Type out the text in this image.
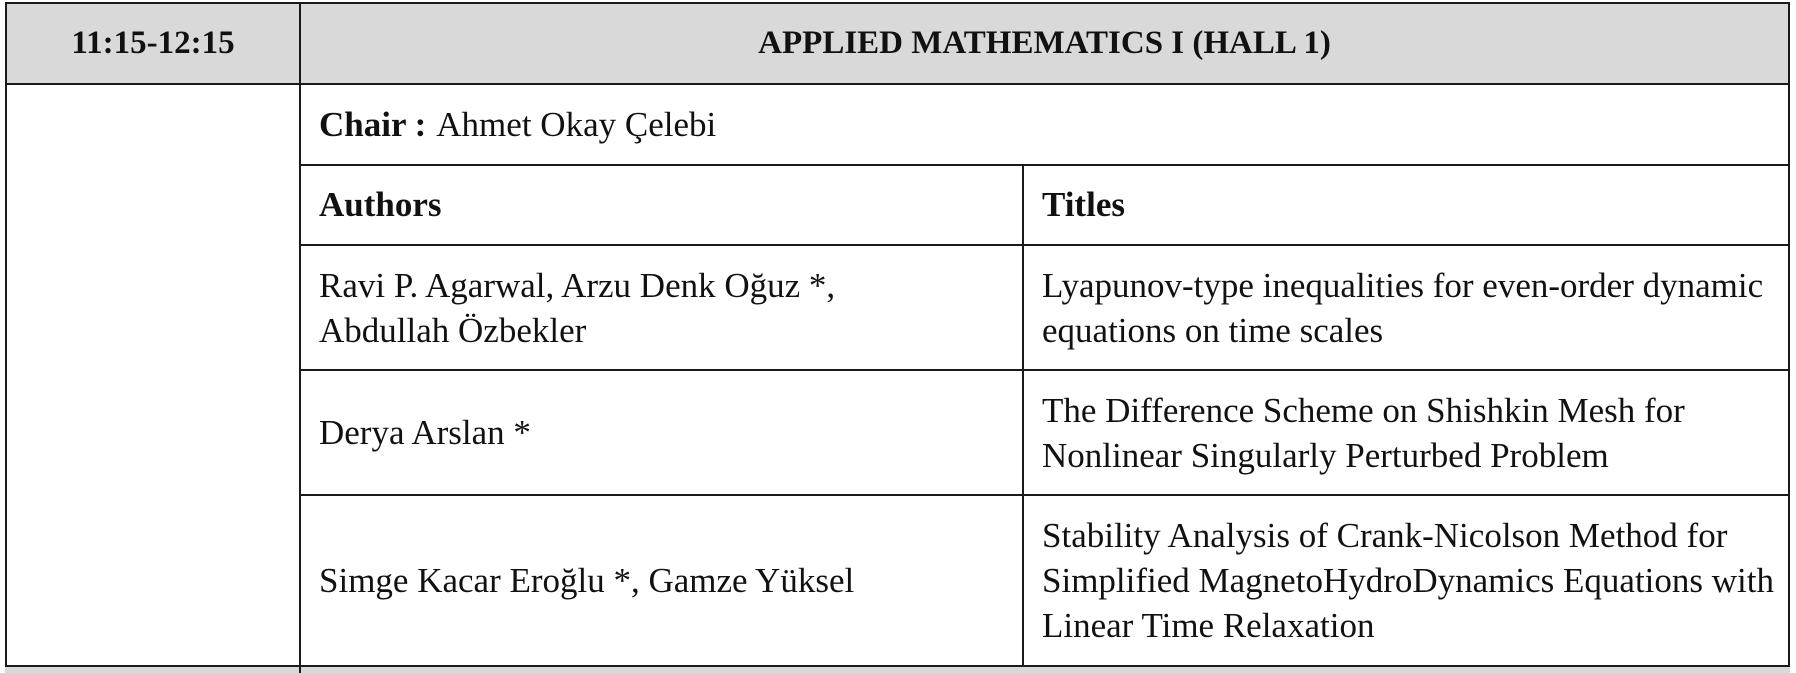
11:15-12:15	APPLIED MATHEMATICS I (HALL 1)
Chair : Ahmet Okay Çelebi
Authors	Titles
Ravi P. Agarwal, Arzu Denk Oğuz *, Abdullah Özbekler
Lyapunov-type inequalities for even-order dynamic equations on time scales
Derya Arslan *
The Difference Scheme on Shishkin Mesh for Nonlinear Singularly Perturbed Problem
Simge Kacar Eroğlu *, Gamze Yüksel
Stability Analysis of Crank-Nicolson Method for Simplified MagnetoHydroDynamics Equations with Linear Time Relaxation
